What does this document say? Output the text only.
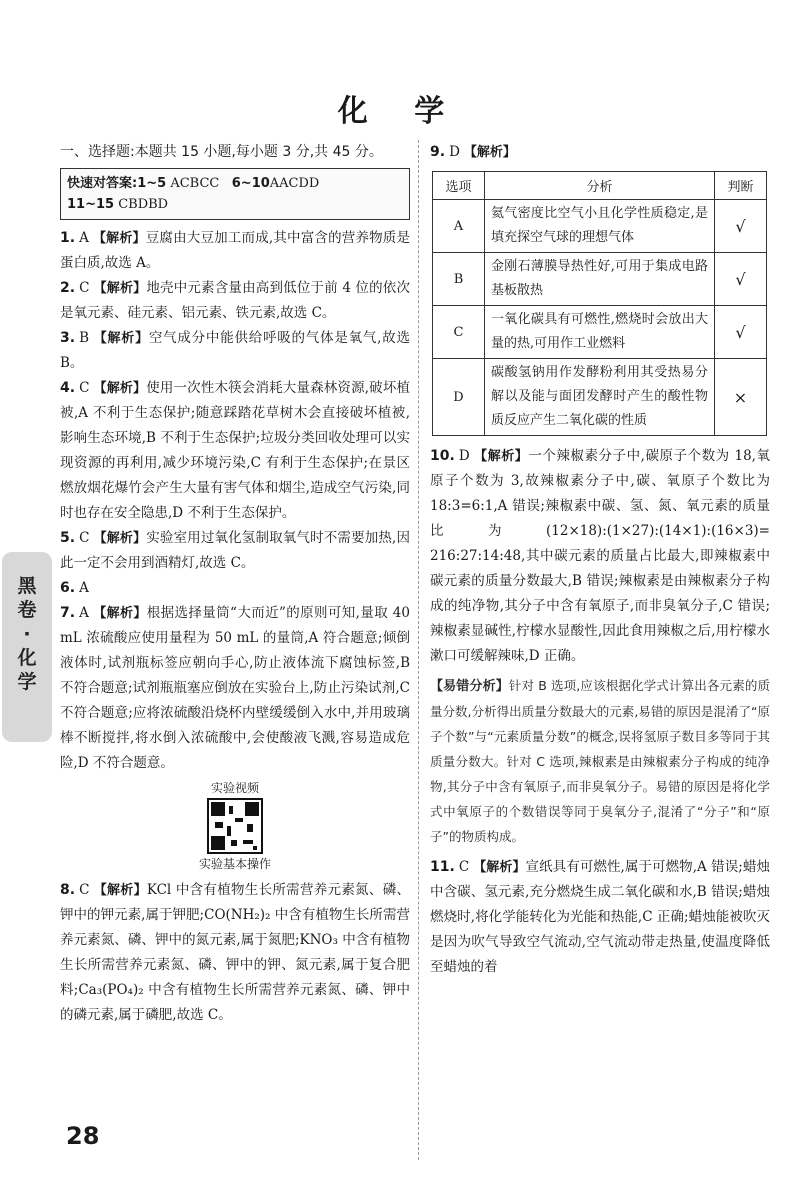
化 学
一、选择题:本题共 15 小题,每小题 3 分,共 45 分。
快速对答案:1~5 ACBCC 6~10AACDD
11~15 CBDBD

1. A 【解析】豆腐由大豆加工而成,其中富含的营养物质是蛋白质,故选 A。

2. C 【解析】地壳中元素含量由高到低位于前 4 位的依次是氧元素、硅元素、铝元素、铁元素,故选 C。

3. B 【解析】空气成分中能供给呼吸的气体是氧气,故选 B。

4. C 【解析】使用一次性木筷会消耗大量森林资源,破坏植被,A 不利于生态保护;随意踩踏花草树木会直接破坏植被,影响生态环境,B 不利于生态保护;垃圾分类回收处理可以实现资源的再利用,减少环境污染,C 有利于生态保护;在景区燃放烟花爆竹会产生大量有害气体和烟尘,造成空气污染,同时也存在安全隐患,D 不利于生态保护。

5. C 【解析】实验室用过氧化氢制取氧气时不需要加热,因此一定不会用到酒精灯,故选 C。

6. A

7. A 【解析】根据选择量筒“大而近”的原则可知,量取 40 mL 浓硫酸应使用量程为 50 mL 的量筒,A 符合题意;倾倒液体时,试剂瓶标签应朝向手心,防止液体流下腐蚀标签,B 不符合题意;试剂瓶瓶塞应倒放在实验台上,防止污染试剂,C 不符合题意;应将浓硫酸沿烧杯内壁缓缓倒入水中,并用玻璃棒不断搅拌,将水倒入浓硫酸中,会使酸液飞溅,容易造成危险,D 不符合题意。

实验视频
实验基本操作

8. C 【解析】KCl 中含有植物生长所需营养元素氮、磷、钾中的钾元素,属于钾肥;CO(NH₂)₂ 中含有植物生长所需营养元素氮、磷、钾中的氮元素,属于氮肥;KNO₃ 中含有植物生长所需营养元素氮、磷、钾中的钾、氮元素,属于复合肥料;Ca₃(PO₄)₂ 中含有植物生长所需营养元素氮、磷、钾中的磷元素,属于磷肥,故选 C。

9. D 【解析】

选项	分析	判断
A	氦气密度比空气小且化学性质稳定,是填充探空气球的理想气体	√
B	金刚石薄膜导热性好,可用于集成电路基板散热	√
C	一氧化碳具有可燃性,燃烧时会放出大量的热,可用作工业燃料	√
D	碳酸氢钠用作发酵粉利用其受热易分解以及能与面团发酵时产生的酸性物质反应产生二氧化碳的性质	×

10. D 【解析】一个辣椒素分子中,碳原子个数为 18,氧原子个数为 3,故辣椒素分子中,碳、氧原子个数比为 18:3=6:1,A 错误;辣椒素中碳、氢、氮、氧元素的质量比为(12×18):(1×27):(14×1):(16×3)= 216:27:14:48,其中碳元素的质量占比最大,即辣椒素中碳元素的质量分数最大,B 错误;辣椒素是由辣椒素分子构成的纯净物,其分子中含有氧原子,而非臭氧分子,C 错误;辣椒素显碱性,柠檬水显酸性,因此食用辣椒之后,用柠檬水漱口可缓解辣味,D 正确。

【易错分析】针对 B 选项,应该根据化学式计算出各元素的质量分数,分析得出质量分数最大的元素,易错的原因是混淆了“原子个数”与“元素质量分数”的概念,误将氢原子数目多等同于其质量分数大。针对 C 选项,辣椒素是由辣椒素分子构成的纯净物,其分子中含有氧原子,而非臭氧分子。易错的原因是将化学式中氧原子的个数错误等同于臭氧分子,混淆了“分子”和“原子”的物质构成。

11. C 【解析】宣纸具有可燃性,属于可燃物,A 错误;蜡烛中含碳、氢元素,充分燃烧生成二氧化碳和水,B 错误;蜡烛燃烧时,将化学能转化为光能和热能,C 正确;蜡烛能被吹灭是因为吹气导致空气流动,空气流动带走热量,使温度降低至蜡烛的着

黑卷·化学
28
